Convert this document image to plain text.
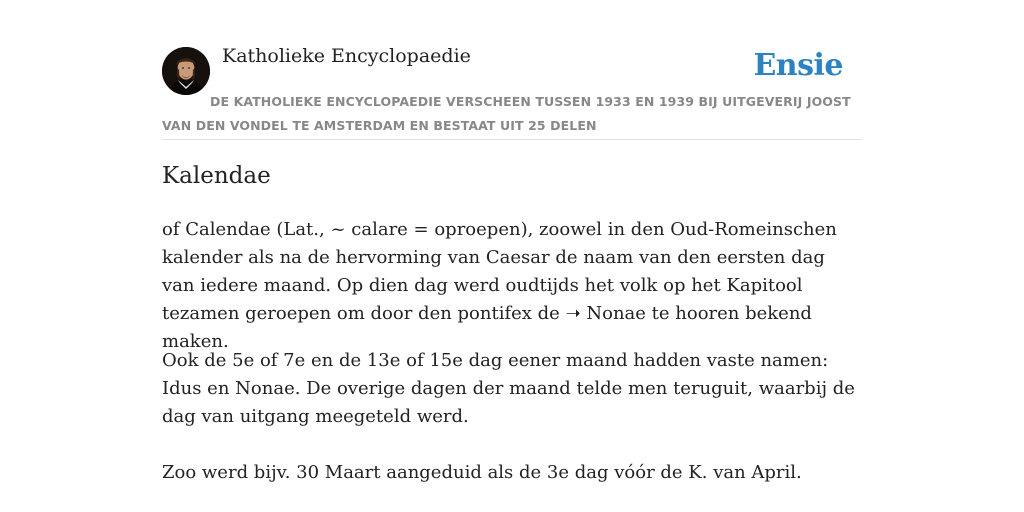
Katholieke Encyclopaedie	Ensie
DE KATHOLIEKE ENCYCLOPAEDIE VERSCHEEN TUSSEN 1933 EN 1939 BIJ UITGEVERIJ JOOST VAN DEN VONDEL TE AMSTERDAM EN BESTAAT UIT 25 DELEN
Kalendae

of Calendae (Lat., ~ calare = oproepen), zoowel in den Oud-Romeinschen kalender als na de hervorming van Caesar de naam van den eersten dag van iedere maand. Op dien dag werd oudtijds het volk op het Kapitool tezamen geroepen om door den pontifex de ➝ Nonae te hooren bekend maken.

Ook de 5e of 7e en de 13e of 15e dag eener maand hadden vaste namen: Idus en Nonae. De overige dagen der maand telde men teruguit, waarbij de dag van uitgang meegeteld werd.

Zoo werd bijv. 30 Maart aangeduid als de 3e dag vóór de K. van April.
